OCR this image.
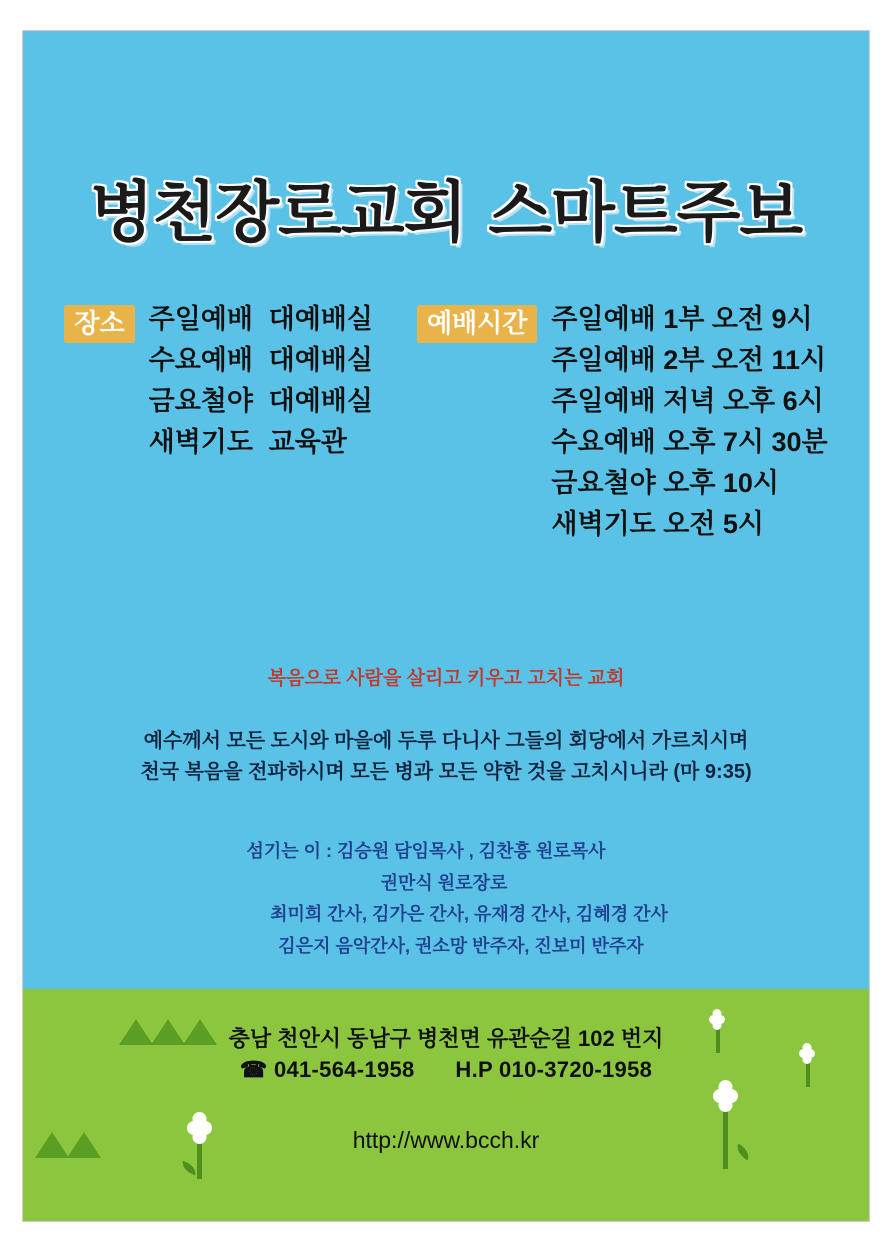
병천장로교회 스마트주보
장소 주일예배 대예배실
수요예배 대예배실
금요철야 대예배실
새벽기도 교육관
예배시간 주일예배 1부 오전 9시
주일예배 2부 오전 11시
주일예배 저녁 오후 6시
수요예배 오후 7시 30분
금요철야 오후 10시
새벽기도 오전 5시
복음으로 사람을 살리고 키우고 고치는 교회
예수께서 모든 도시와 마을에 두루 다니사 그들의 회당에서 가르치시며
천국 복음을 전파하시며 모든 병과 모든 약한 것을 고치시니라 (마 9:35)
섬기는 이 : 김승원 담임목사 , 김찬흥 원로목사
권만식 원로장로
최미희 간사, 김가은 간사, 유재경 간사, 김혜경 간사
김은지 음악간사, 권소망 반주자, 진보미 반주자
충남 천안시 동남구 병천면 유관순길 102 번지
☎ 041-564-1958 H.P 010-3720-1958
http://www.bcch.kr
